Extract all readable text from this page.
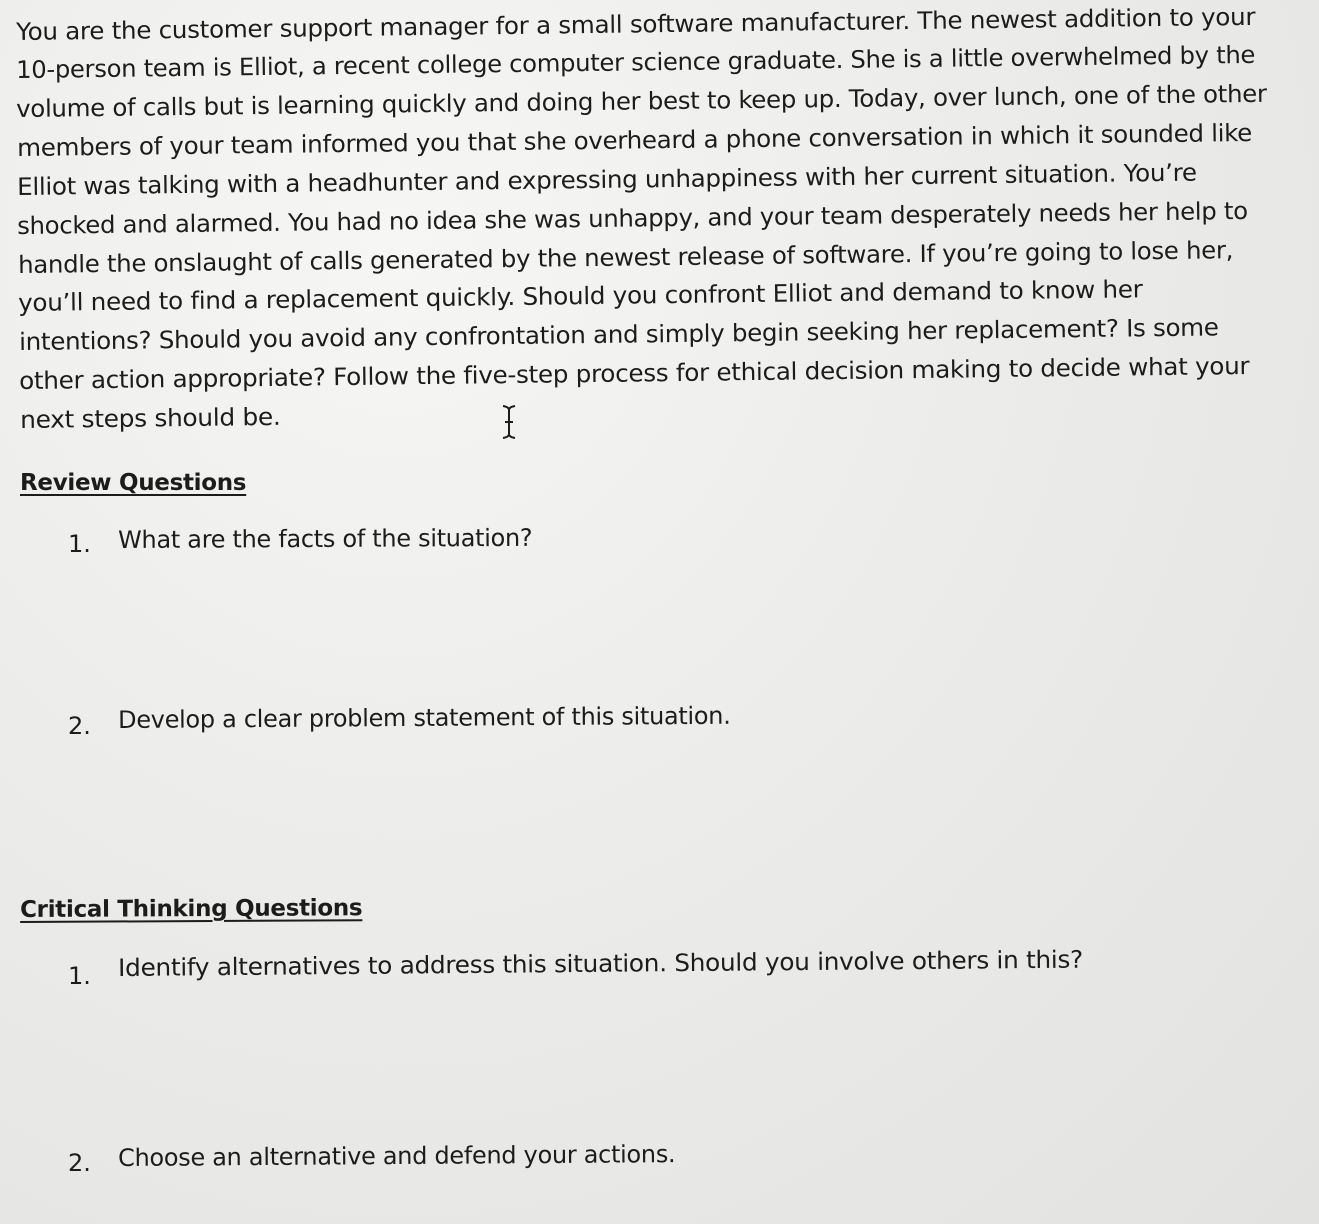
You are the customer support manager for a small software manufacturer. The newest addition to your
10-person team is Elliot, a recent college computer science graduate. She is a little overwhelmed by the
volume of calls but is learning quickly and doing her best to keep up. Today, over lunch, one of the other
members of your team informed you that she overheard a phone conversation in which it sounded like
Elliot was talking with a headhunter and expressing unhappiness with her current situation. You’re
shocked and alarmed. You had no idea she was unhappy, and your team desperately needs her help to
handle the onslaught of calls generated by the newest release of software. If you’re going to lose her,
you’ll need to find a replacement quickly. Should you confront Elliot and demand to know her
intentions? Should you avoid any confrontation and simply begin seeking her replacement? Is some
other action appropriate? Follow the five-step process for ethical decision making to decide what your
next steps should be.
Review Questions
1. What are the facts of the situation?
2. Develop a clear problem statement of this situation.
Critical Thinking Questions
1. Identify alternatives to address this situation. Should you involve others in this?
2. Choose an alternative and defend your actions.
